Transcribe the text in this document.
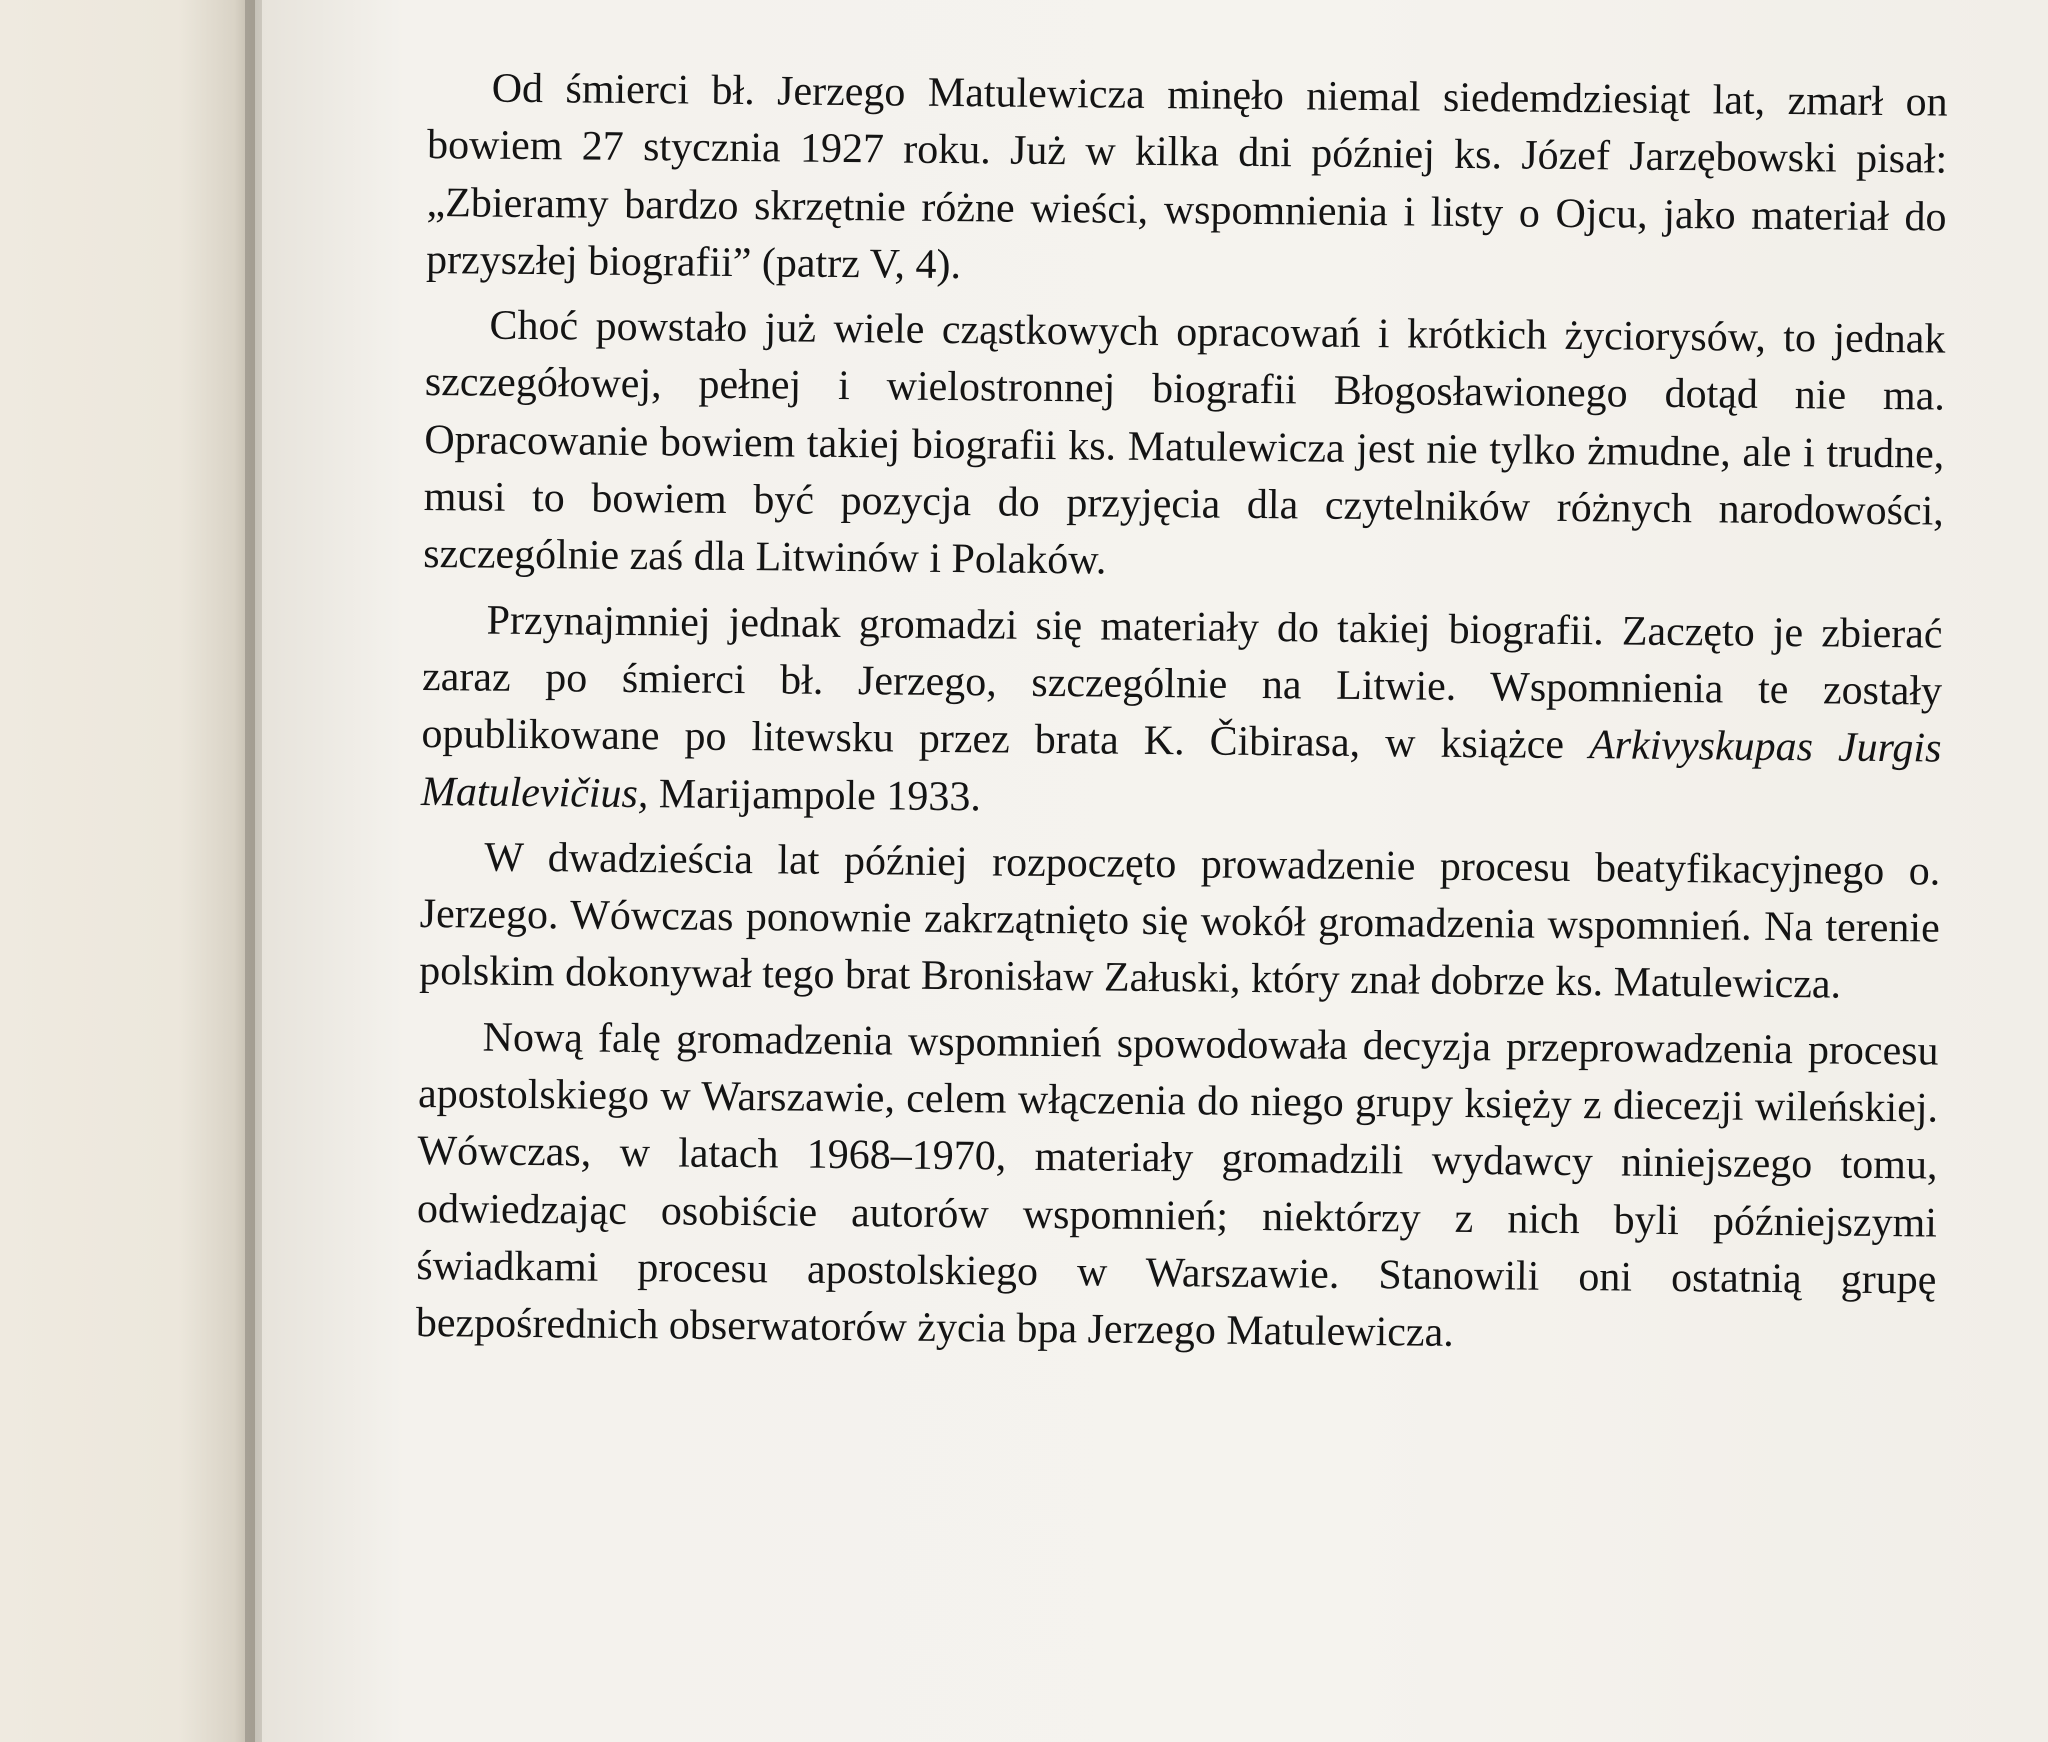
Od śmierci bł. Jerzego Matulewicza minęło niemal siedemdziesiąt lat, zmarł on bowiem 27 stycznia 1927 roku. Już w kilka dni później ks. Józef Jarzębowski pisał: „Zbieramy bardzo skrzętnie różne wieści, wspomnienia i listy o Ojcu, jako materiał do przyszłej biografii” (patrz V, 4).

Choć powstało już wiele cząstkowych opracowań i krótkich życiorysów, to jednak szczegółowej, pełnej i wielostronnej biografii Błogosławionego dotąd nie ma. Opracowanie bowiem takiej biografii ks. Matulewicza jest nie tylko żmudne, ale i trudne, musi to bowiem być pozycja do przyjęcia dla czytelników różnych narodowości, szczególnie zaś dla Litwinów i Polaków.

Przynajmniej jednak gromadzi się materiały do takiej biografii. Zaczęto je zbierać zaraz po śmierci bł. Jerzego, szczególnie na Litwie. Wspomnienia te zostały opublikowane po litewsku przez brata K. Čibirasa, w książce Arkivyskupas Jurgis Matulevičius, Marijampole 1933.

W dwadzieścia lat później rozpoczęto prowadzenie procesu beatyfikacyjnego o. Jerzego. Wówczas ponownie zakrzątnięto się wokół gromadzenia wspomnień. Na terenie polskim dokonywał tego brat Bronisław Załuski, który znał dobrze ks. Matulewicza.

Nową falę gromadzenia wspomnień spowodowała decyzja przeprowadzenia procesu apostolskiego w Warszawie, celem włączenia do niego grupy księży z diecezji wileńskiej. Wówczas, w latach 1968–1970, materiały gromadzili wydawcy niniejszego tomu, odwiedzając osobiście autorów wspomnień; niektórzy z nich byli późniejszymi świadkami procesu apostolskiego w Warszawie. Stanowili oni ostatnią grupę bezpośrednich obserwatorów życia bpa Jerzego Matulewicza.
